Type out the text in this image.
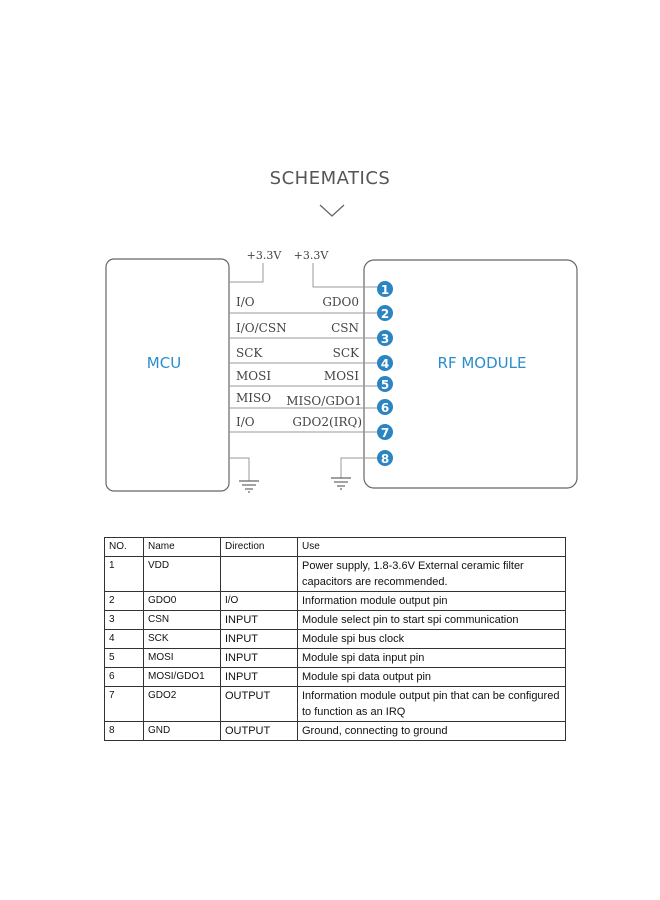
SCHEMATICS
MCU	RF MODULE
+3.3V +3.3V
I/O
I/O/CSN
SCK
MOSI
MISO
I/O
GDO0
CSN
SCK
MOSI
MISO/GDO1
GDO2(IRQ)
1
2
3
4
5
6
7
8
NO.	Name	Direction	Use
1	VDD		Power supply, 1.8-3.6V External ceramic filter capacitors are recommended.
2	GDO0	I/O	Information module output pin
3	CSN	INPUT	Module select pin to start spi communication
4	SCK	INPUT	Module spi bus clock
5	MOSI	INPUT	Module spi data input pin
6	MOSI/GDO1	INPUT	Module spi data output pin
7	GDO2	OUTPUT	Information module output pin that can be configured to function as an IRQ
8	GND	OUTPUT	Ground, connecting to ground
